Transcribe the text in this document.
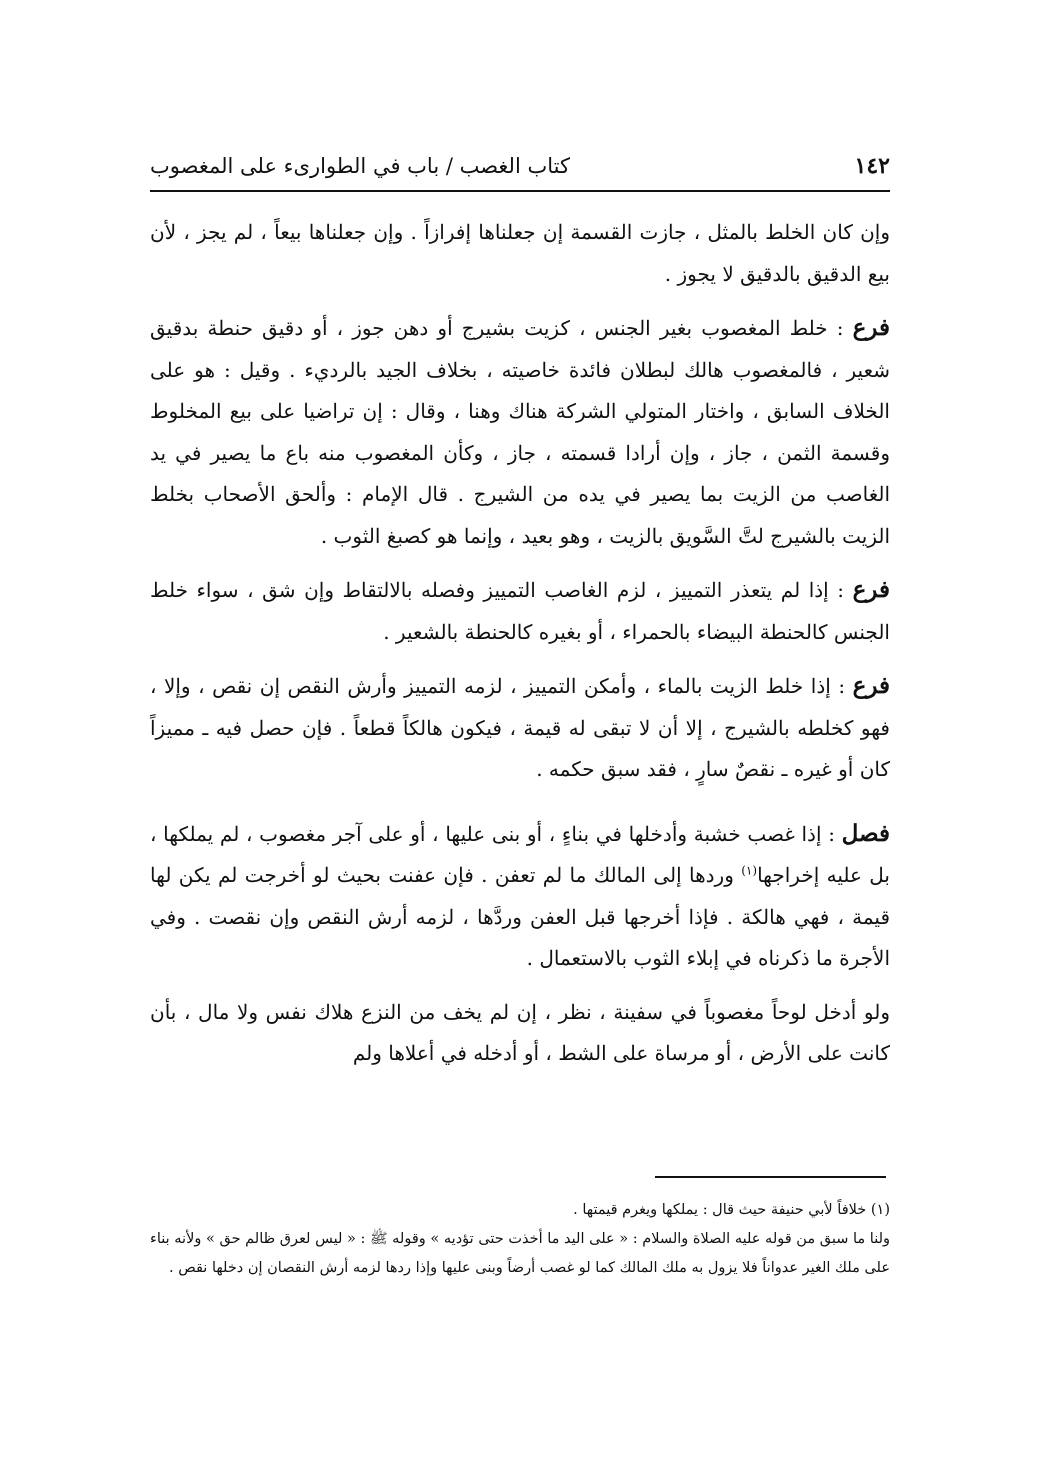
١٤٢
كتاب الغصب / باب في الطوارىء على المغصوب

وإن كان الخلط بالمثل ، جازت القسمة إن جعلناها إفرازاً . وإن جعلناها بيعاً ، لم يجز ، لأن بيع الدقيق بالدقيق لا يجوز .

فرع : خلط المغصوب بغير الجنس ، كزيت بشيرج أو دهن جوز ، أو دقيق حنطة بدقيق شعير ، فالمغصوب هالك لبطلان فائدة خاصيته ، بخلاف الجيد بالرديء . وقيل : هو على الخلاف السابق ، واختار المتولي الشركة هناك وهنا ، وقال : إن تراضيا على بيع المخلوط وقسمة الثمن ، جاز ، وإن أرادا قسمته ، جاز ، وكأن المغصوب منه باع ما يصير في يد الغاصب من الزيت بما يصير في يده من الشيرج . قال الإمام : وألحق الأصحاب بخلط الزيت بالشيرج لتَّ السَّويق بالزيت ، وهو بعيد ، وإنما هو كصبغ الثوب .

فرع : إذا لم يتعذر التمييز ، لزم الغاصب التمييز وفصله بالالتقاط وإن شق ، سواء خلط الجنس كالحنطة البيضاء بالحمراء ، أو بغيره كالحنطة بالشعير .

فرع : إذا خلط الزيت بالماء ، وأمكن التمييز ، لزمه التمييز وأرش النقص إن نقص ، وإلا ، فهو كخلطه بالشيرج ، إلا أن لا تبقى له قيمة ، فيكون هالكاً قطعاً . فإن حصل فيه ـ مميزاً كان أو غيره ـ نقصٌ سارٍ ، فقد سبق حكمه .

فصل : إذا غصب خشبة وأدخلها في بناءٍ ، أو بنى عليها ، أو على آجر مغصوب ، لم يملكها ، بل عليه إخراجها$^{(١)}$ وردها إلى المالك ما لم تعفن . فإن عفنت بحيث لو أخرجت لم يكن لها قيمة ، فهي هالكة . فإذا أخرجها قبل العفن وردَّها ، لزمه أرش النقص وإن نقصت . وفي الأجرة ما ذكرناه في إبلاء الثوب بالاستعمال .

ولو أدخل لوحاً مغصوباً في سفينة ، نظر ، إن لم يخف من النزع هلاك نفس ولا مال ، بأن كانت على الأرض ، أو مرساة على الشط ، أو أدخله في أعلاها ولم

(١) خلافاً لأبي حنيفة حيث قال : يملكها ويغرم قيمتها .

ولنا ما سبق من قوله عليه الصلاة والسلام : « على اليد ما أخذت حتى تؤديه » وقوله ﷺ : « ليس لعرق ظالم حق » ولأنه بناء على ملك الغير عدواناً فلا يزول به ملك المالك كما لو غصب أرضاً وبنى عليها وإذا ردها لزمه أرش النقصان إن دخلها نقص .
